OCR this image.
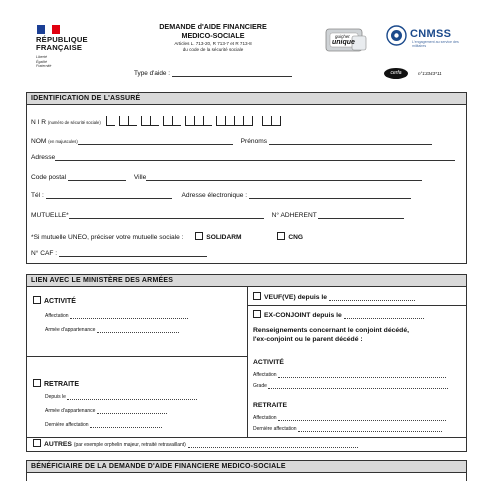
RÉPUBLIQUE
FRANÇAISE
Liberté
Égalité
Fraternité
DEMANDE d'AIDE FINANCIERE
MEDICO-SOCIALE
Articles L. 713-20, R 713-7 et R 713-8
du code de la sécurité sociale
guichet
unique
CNMSS
L'engagement au service des militaires
Type d'aide :	cerfa	n°13343*11
IDENTIFICATION DE L'ASSURÉ
N I R (numéro de sécurité sociale)
NOM (en majuscules)	Prénoms
Adresse
Code postal	Ville
Tél :	Adresse électronique :
MUTUELLE*	N° ADHERENT
*Si mutuelle UNEO, préciser votre mutuelle sociale :	SOLIDARM	CNG
N° CAF :
LIEN AVEC LE MINISTÈRE DES ARMÉES
ACTIVITÉ
Affectation
Armée d'appartenance
RETRAITE
Depuis le
Armée d'appartenance
Dernière affectation
VEUF(VE) depuis le
EX-CONJOINT depuis le
Renseignements concernant le conjoint décédé,
l'ex-conjoint ou le parent décédé :
ACTIVITÉ
Affectation
Grade
RETRAITE
Affectation
Dernière affectation
AUTRES (par exemple orphelin majeur, retraité retravaillant)
BÉNÉFICIAIRE DE LA DEMANDE D'AIDE FINANCIERE MEDICO-SOCIALE
